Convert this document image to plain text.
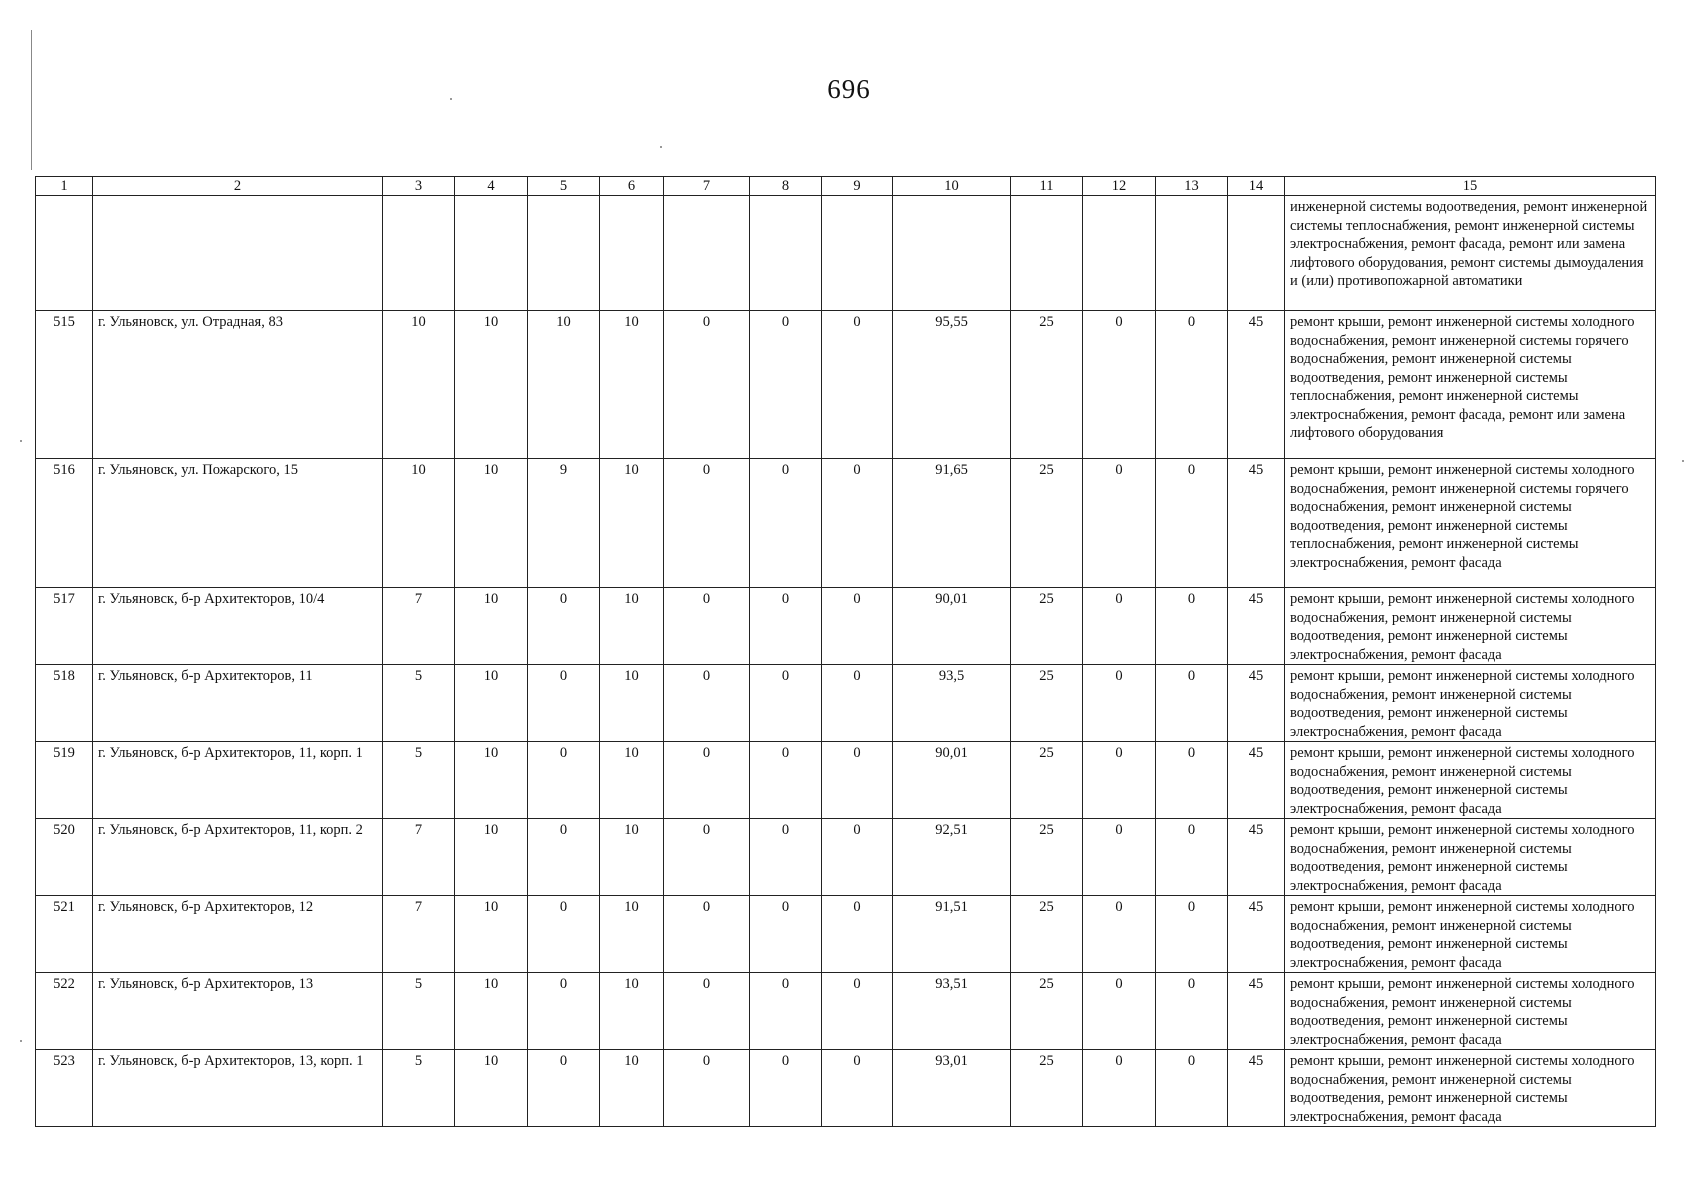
696
1	2	3	4	5	6	7	8	9	10	11	12	13	14	15
														инженерной системы водоотведения, ремонт инженерной системы теплоснабжения, ремонт инженерной системы электроснабжения, ремонт фасада, ремонт или замена лифтового оборудования, ремонт системы дымоудаления и (или) противопожарной автоматики
515	г. Ульяновск, ул. Отрадная, 83	10	10	10	10	0	0	0	95,55	25	0	0	45	ремонт крыши, ремонт инженерной системы холодного водоснабжения, ремонт инженерной системы горячего водоснабжения, ремонт инженерной системы водоотведения, ремонт инженерной системы теплоснабжения, ремонт инженерной системы электроснабжения, ремонт фасада, ремонт или замена лифтового оборудования
516	г. Ульяновск, ул. Пожарского, 15	10	10	9	10	0	0	0	91,65	25	0	0	45	ремонт крыши, ремонт инженерной системы холодного водоснабжения, ремонт инженерной системы горячего водоснабжения, ремонт инженерной системы водоотведения, ремонт инженерной системы теплоснабжения, ремонт инженерной системы электроснабжения, ремонт фасада
517	г. Ульяновск, б-р Архитекторов, 10/4	7	10	0	10	0	0	0	90,01	25	0	0	45	ремонт крыши, ремонт инженерной системы холодного водоснабжения, ремонт инженерной системы водоотведения, ремонт инженерной системы электроснабжения, ремонт фасада
518	г. Ульяновск, б-р Архитекторов, 11	5	10	0	10	0	0	0	93,5	25	0	0	45	ремонт крыши, ремонт инженерной системы холодного водоснабжения, ремонт инженерной системы водоотведения, ремонт инженерной системы электроснабжения, ремонт фасада
519	г. Ульяновск, б-р Архитекторов, 11, корп. 1	5	10	0	10	0	0	0	90,01	25	0	0	45	ремонт крыши, ремонт инженерной системы холодного водоснабжения, ремонт инженерной системы водоотведения, ремонт инженерной системы электроснабжения, ремонт фасада
520	г. Ульяновск, б-р Архитекторов, 11, корп. 2	7	10	0	10	0	0	0	92,51	25	0	0	45	ремонт крыши, ремонт инженерной системы холодного водоснабжения, ремонт инженерной системы водоотведения, ремонт инженерной системы электроснабжения, ремонт фасада
521	г. Ульяновск, б-р Архитекторов, 12	7	10	0	10	0	0	0	91,51	25	0	0	45	ремонт крыши, ремонт инженерной системы холодного водоснабжения, ремонт инженерной системы водоотведения, ремонт инженерной системы электроснабжения, ремонт фасада
522	г. Ульяновск, б-р Архитекторов, 13	5	10	0	10	0	0	0	93,51	25	0	0	45	ремонт крыши, ремонт инженерной системы холодного водоснабжения, ремонт инженерной системы водоотведения, ремонт инженерной системы электроснабжения, ремонт фасада
523	г. Ульяновск, б-р Архитекторов, 13, корп. 1	5	10	0	10	0	0	0	93,01	25	0	0	45	ремонт крыши, ремонт инженерной системы холодного водоснабжения, ремонт инженерной системы водоотведения, ремонт инженерной системы электроснабжения, ремонт фасада
